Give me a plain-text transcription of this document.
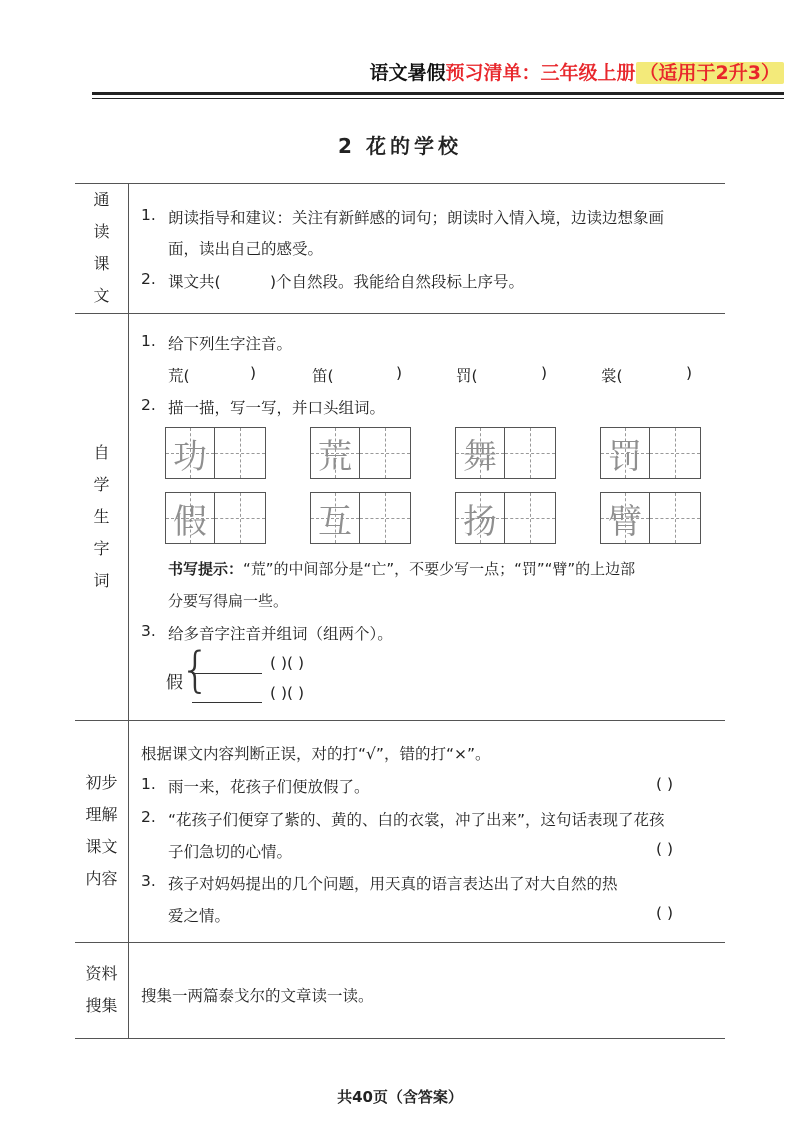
语文暑假预习清单：三年级上册 （适用于2升3）
2 花的学校
通
读
课
文
1. 朗读指导和建议：关注有新鲜感的词句；朗读时入情入境，边读边想象画
面，读出自己的感受。
2. 课文共(	)个自然段。我能给自然段标上序号。
自
学
生
字
词
1. 给下列生字注音。
荒(	)	笛(	)	罚(	)	裳(	)
2. 描一描，写一写，并口头组词。
功	荒	舞	罚
假	互	扬	臂
书写提示：“荒”的中间部分是“亡”，不要少写一点；“罚”“臂”的上边部
分要写得扁一些。
3. 给多音字注音并组词（组两个）。
假
{	( )( )
( )( )
初步
理解
课文
内容
根据课文内容判断正误，对的打“√”，错的打“×”。
1. 雨一来，花孩子们便放假了。	( )
2. “花孩子们便穿了紫的、黄的、白的衣裳，冲了出来”，这句话表现了花孩
子们急切的心情。	( )
3. 孩子对妈妈提出的几个问题，用天真的语言表达出了对大自然的热
爱之情。	( )
资料
搜集 搜集一两篇泰戈尔的文章读一读。
共40页（含答案）
